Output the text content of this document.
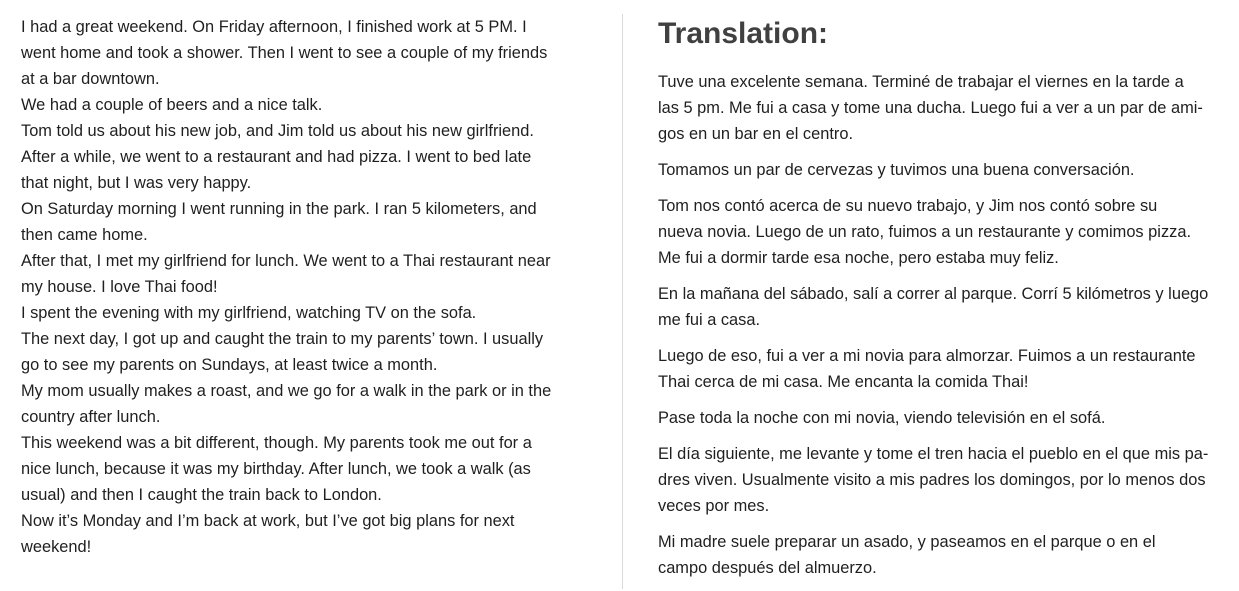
I had a great weekend. On Friday afternoon, I finished work at 5 PM. I

went home and took a shower. Then I went to see a couple of my friends

at a bar downtown.

We had a couple of beers and a nice talk.

Tom told us about his new job, and Jim told us about his new girlfriend.

After a while, we went to a restaurant and had pizza. I went to bed late

that night, but I was very happy.

On Saturday morning I went running in the park. I ran 5 kilometers, and

then came home.

After that, I met my girlfriend for lunch. We went to a Thai restaurant near

my house. I love Thai food!

I spent the evening with my girlfriend, watching TV on the sofa.

The next day, I got up and caught the train to my parents’ town. I usually

go to see my parents on Sundays, at least twice a month.

My mom usually makes a roast, and we go for a walk in the park or in the

country after lunch.

This weekend was a bit different, though. My parents took me out for a

nice lunch, because it was my birthday. After lunch, we took a walk (as

usual) and then I caught the train back to London.

Now it’s Monday and I’m back at work, but I’ve got big plans for next

weekend!

Translation:

Tuve una excelente semana. Terminé de trabajar el viernes en la tarde a
las 5 pm. Me fui a casa y tome una ducha. Luego fui a ver a un par de ami-
gos en un bar en el centro.

Tomamos un par de cervezas y tuvimos una buena conversación.

Tom nos contó acerca de su nuevo trabajo, y Jim nos contó sobre su
nueva novia. Luego de un rato, fuimos a un restaurante y comimos pizza.
Me fui a dormir tarde esa noche, pero estaba muy feliz.

En la mañana del sábado, salí a correr al parque. Corrí 5 kilómetros y luego
me fui a casa.

Luego de eso, fui a ver a mi novia para almorzar. Fuimos a un restaurante
Thai cerca de mi casa. Me encanta la comida Thai!

Pase toda la noche con mi novia, viendo televisión en el sofá.

El día siguiente, me levante y tome el tren hacia el pueblo en el que mis pa-
dres viven. Usualmente visito a mis padres los domingos, por lo menos dos
veces por mes.

Mi madre suele preparar un asado, y paseamos en el parque o en el
campo después del almuerzo.
